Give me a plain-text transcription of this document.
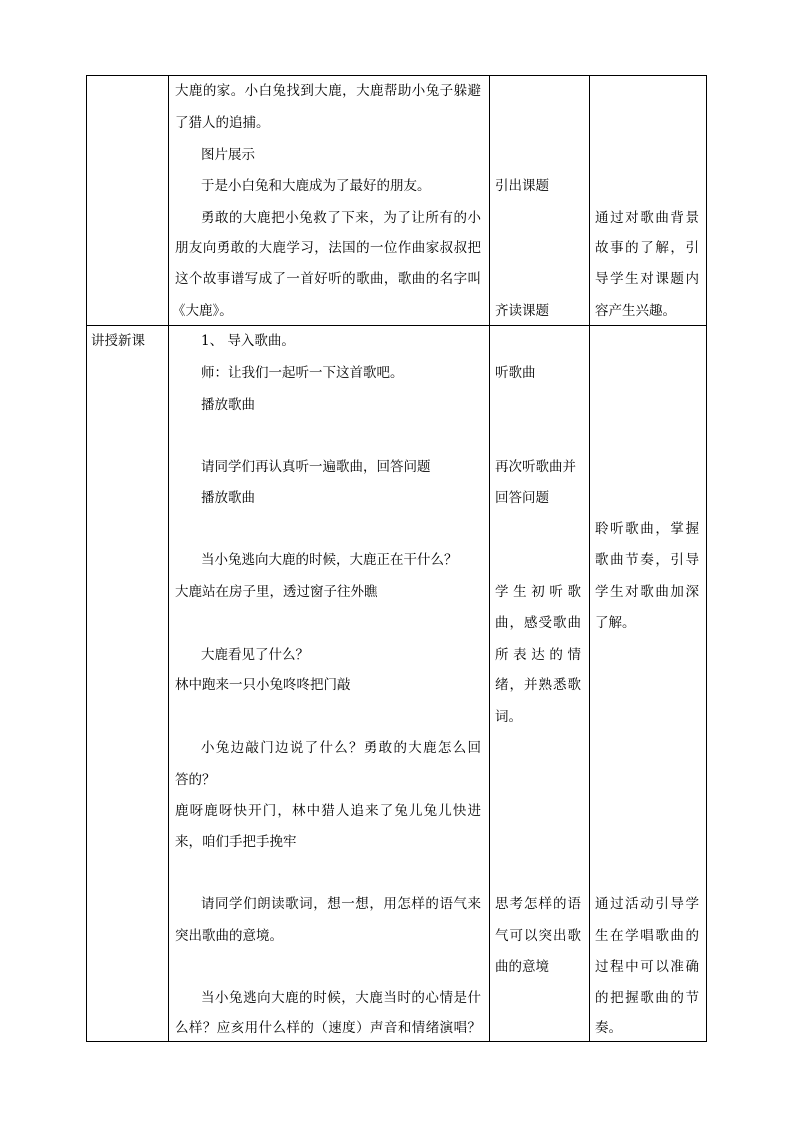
大鹿的家。小白兔找到大鹿，大鹿帮助小兔子躲避
了猎人的追捕。
图片展示
于是小白兔和大鹿成为了最好的朋友。
勇敢的大鹿把小兔救了下来，为了让所有的小
朋友向勇敢的大鹿学习，法国的一位作曲家叔叔把
这个故事谱写成了一首好听的歌曲，歌曲的名字叫
《大鹿》。
引出课题
齐读课题
通过对歌曲背景
故事的了解，引
导学生对课题内
容产生兴趣。
讲授新课	1、 导入歌曲。
师：让我们一起听一下这首歌吧。
播放歌曲
请同学们再认真听一遍歌曲，回答问题
播放歌曲
当小兔逃向大鹿的时候，大鹿正在干什么？
大鹿站在房子里，透过窗子往外瞧
大鹿看见了什么？
林中跑来一只小兔咚咚把门敲
小兔边敲门边说了什么？勇敢的大鹿怎么回
答的？
鹿呀鹿呀快开门，林中猎人追来了兔儿兔儿快进
来，咱们手把手挽牢
请同学们朗读歌词，想一想，用怎样的语气来
突出歌曲的意境。
当小兔逃向大鹿的时候，大鹿当时的心情是什
么样？应亥用什么样的（速度）声音和情绪演唱？
听歌曲
再次听歌曲并
回答问题
学生初听歌
曲，感受歌曲
所表达的情
绪，并熟悉歌
词。
思考怎样的语
气可以突出歌
曲的意境
聆听歌曲，掌握
歌曲节奏，引导
学生对歌曲加深
了解。
通过活动引导学
生在学唱歌曲的
过程中可以准确
的把握歌曲的节
奏。
